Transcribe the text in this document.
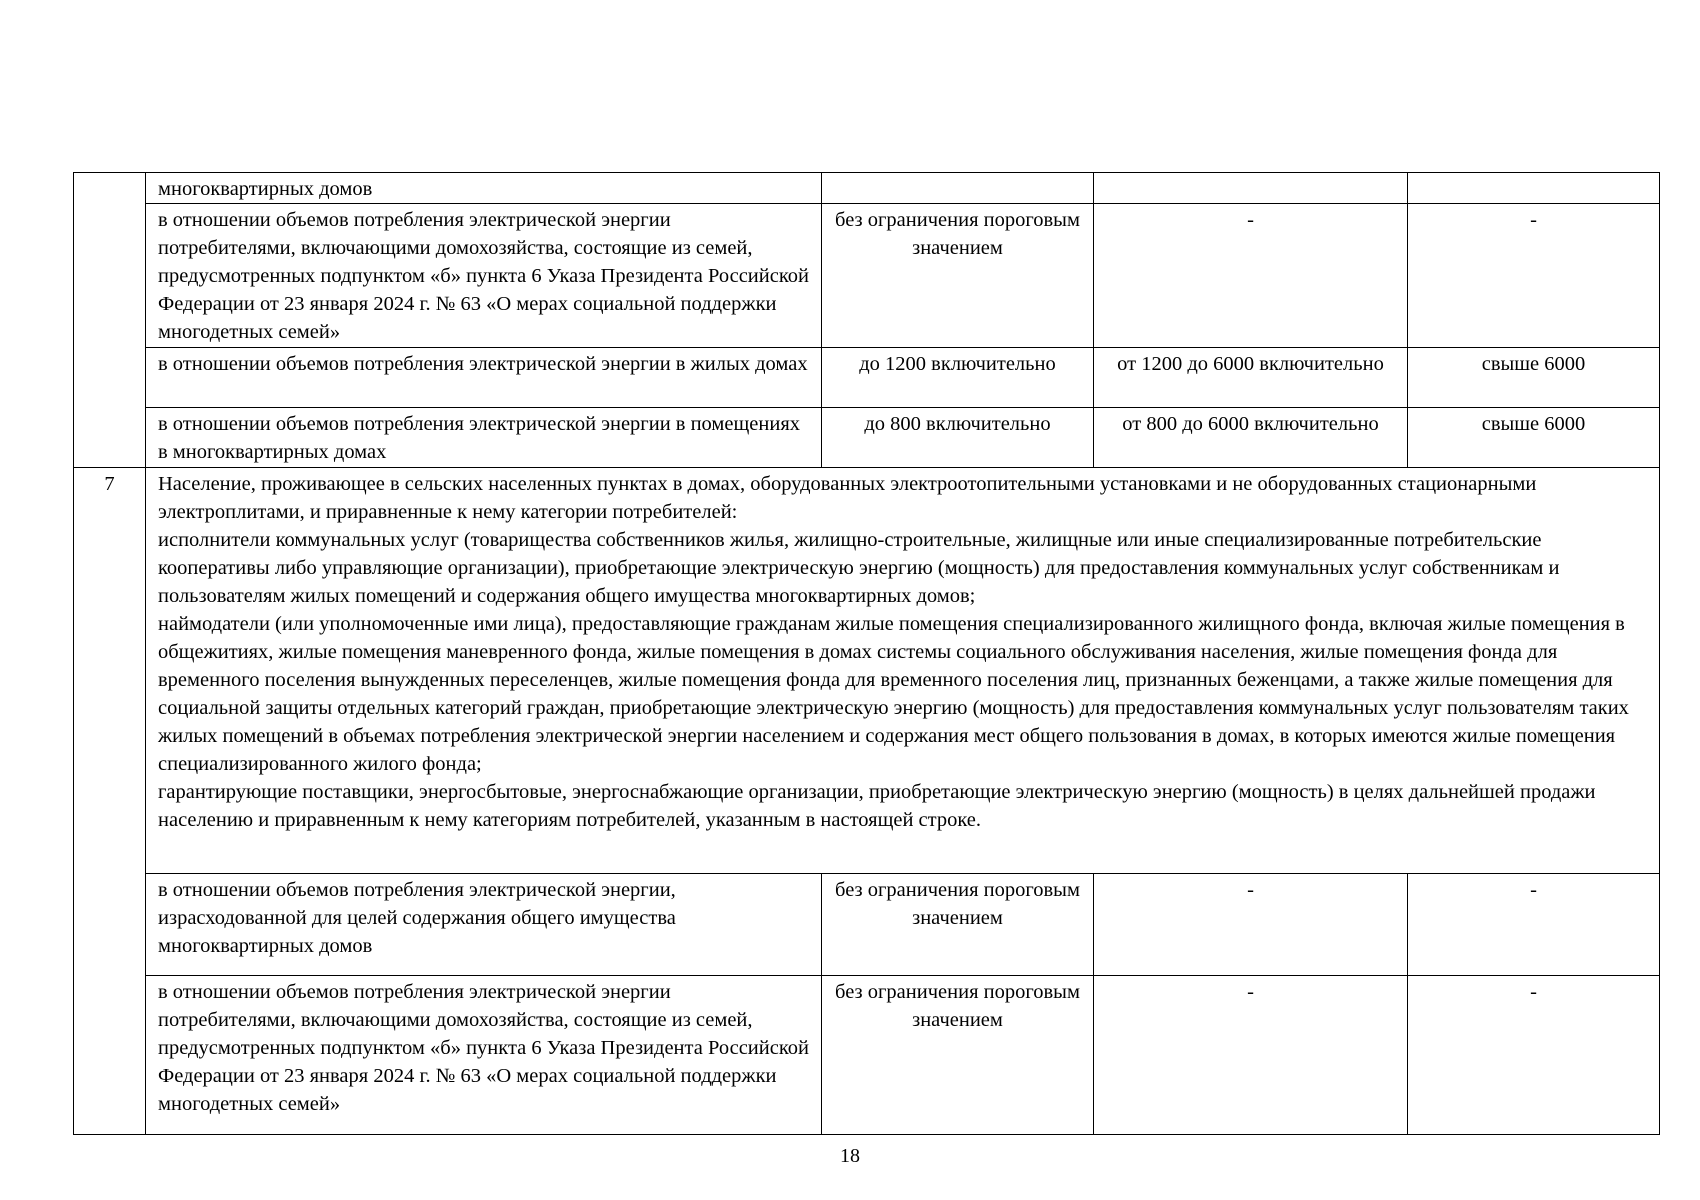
	многоквартирных домов			
	в отношении объемов потребления электрической энергии потребителями, включающими домохозяйства, состоящие из семей, предусмотренных подпунктом «б» пункта 6 Указа Президента Российской Федерации от 23 января 2024 г. № 63 «О мерах социальной поддержки многодетных семей»	без ограничения пороговым значением	-	-
	в отношении объемов потребления электрической энергии в жилых домах	до 1200 включительно	от 1200 до 6000 включительно	свыше 6000
	в отношении объемов потребления электрической энергии в помещениях в многоквартирных домах	до 800 включительно	от 800 до 6000 включительно	свыше 6000
7	Население, проживающее в сельских населенных пунктах в домах, оборудованных электроотопительными установками и не оборудованных стационарными электроплитами, и приравненные к нему категории потребителей:

исполнители коммунальных услуг (товарищества собственников жилья, жилищно-строительные, жилищные или иные специализированные потребительские кооперативы либо управляющие организации), приобретающие электрическую энергию (мощность) для предоставления коммунальных услуг собственникам и пользователям жилых помещений и содержания общего имущества многоквартирных домов;

наймодатели (или уполномоченные ими лица), предоставляющие гражданам жилые помещения специализированного жилищного фонда, включая жилые помещения в общежитиях, жилые помещения маневренного фонда, жилые помещения в домах системы социального обслуживания населения, жилые помещения фонда для временного поселения вынужденных переселенцев, жилые помещения фонда для временного поселения лиц, признанных беженцами, а также жилые помещения для социальной защиты отдельных категорий граждан, приобретающие электрическую энергию (мощность) для предоставления коммунальных услуг пользователям таких жилых помещений в объемах потребления электрической энергии населением и содержания мест общего пользования в домах, в которых имеются жилые помещения специализированного жилого фонда;

гарантирующие поставщики, энергосбытовые, энергоснабжающие организации, приобретающие электрическую энергию (мощность) в целях дальнейшей продажи населению и приравненным к нему категориям потребителей, указанным в настоящей строке.			

	в отношении объемов потребления электрической энергии, израсходованной для целей содержания общего имущества многоквартирных домов	без ограничения пороговым значением	-	-
	в отношении объемов потребления электрической энергии потребителями, включающими домохозяйства, состоящие из семей, предусмотренных подпунктом «б» пункта 6 Указа Президента Российской Федерации от 23 января 2024 г. № 63 «О мерах социальной поддержки многодетных семей»	без ограничения пороговым значением	-	-
18
